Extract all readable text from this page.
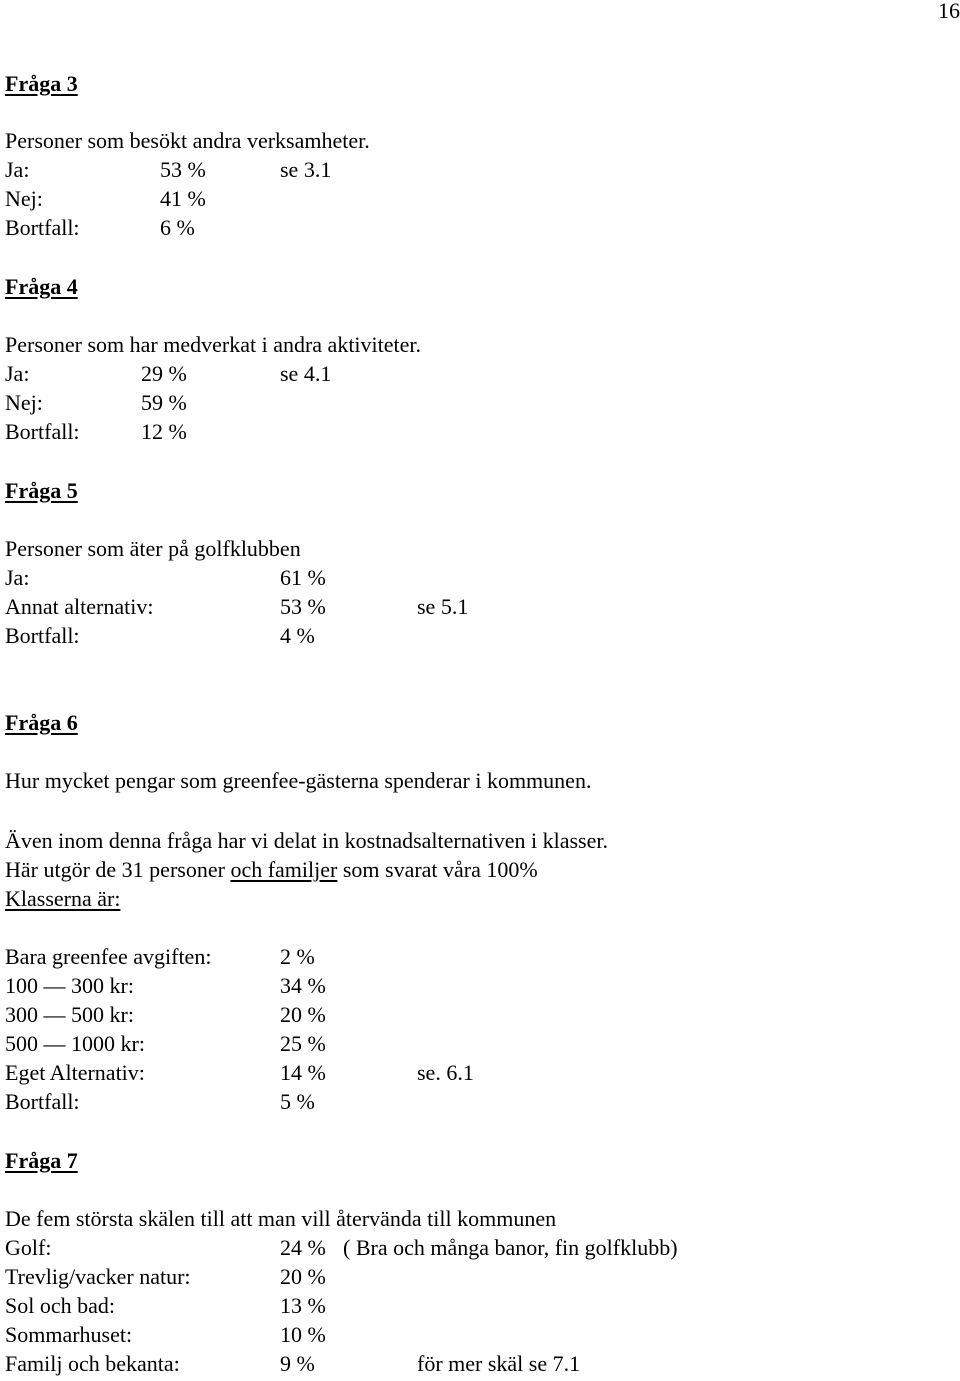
16
Fråga 3
Personer som besökt andra verksamheter.
Ja:	53 %	se 3.1
Nej:	41 %
Bortfall:	6 %
Fråga 4
Personer som har medverkat i andra aktiviteter.
Ja:	29 %	se 4.1
Nej:	59 %
Bortfall:	12 %
Fråga 5
Personer som äter på golfklubben
Ja:	61 %
Annat alternativ:	53 %	se 5.1
Bortfall:	4 %
Fråga 6
Hur mycket pengar som greenfee-gästerna spenderar i kommunen.
Även inom denna fråga har vi delat in kostnadsalternativen i klasser.
Här utgör de 31 personer och familjer som svarat våra 100%
Klasserna är:
Bara greenfee avgiften:	2 %
100 — 300 kr:	34 %
300 — 500 kr:	20 %
500 — 1000 kr:	25 %
Eget Alternativ:	14 %	se. 6.1
Bortfall:	5 %
Fråga 7
De fem största skälen till att man vill återvända till kommunen
Golf:	24 % ( Bra och många banor, fin golfklubb)
Trevlig/vacker natur:	20 %
Sol och bad:	13 %
Sommarhuset:	10 %
Familj och bekanta:	9 %	för mer skäl se 7.1
